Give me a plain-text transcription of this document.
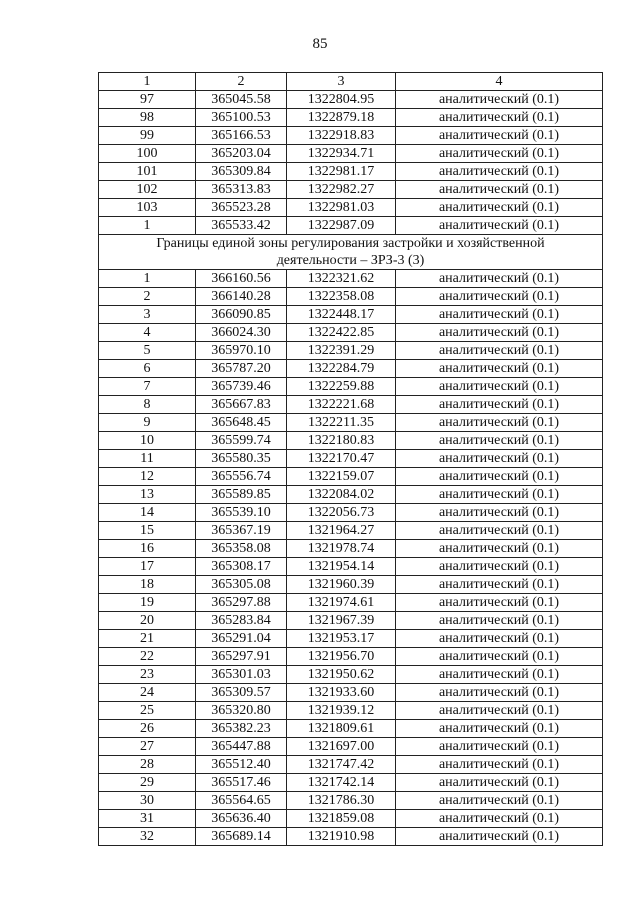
85
1	2	3	4
97	365045.58	1322804.95	аналитический (0.1)
98	365100.53	1322879.18	аналитический (0.1)
99	365166.53	1322918.83	аналитический (0.1)
100	365203.04	1322934.71	аналитический (0.1)
101	365309.84	1322981.17	аналитический (0.1)
102	365313.83	1322982.27	аналитический (0.1)
103	365523.28	1322981.03	аналитический (0.1)
1	365533.42	1322987.09	аналитический (0.1)
Границы единой зоны регулирования застройки и хозяйственной деятельности – ЗРЗ-3 (3)			
1	366160.56	1322321.62	аналитический (0.1)
2	366140.28	1322358.08	аналитический (0.1)
3	366090.85	1322448.17	аналитический (0.1)
4	366024.30	1322422.85	аналитический (0.1)
5	365970.10	1322391.29	аналитический (0.1)
6	365787.20	1322284.79	аналитический (0.1)
7	365739.46	1322259.88	аналитический (0.1)
8	365667.83	1322221.68	аналитический (0.1)
9	365648.45	1322211.35	аналитический (0.1)
10	365599.74	1322180.83	аналитический (0.1)
11	365580.35	1322170.47	аналитический (0.1)
12	365556.74	1322159.07	аналитический (0.1)
13	365589.85	1322084.02	аналитический (0.1)
14	365539.10	1322056.73	аналитический (0.1)
15	365367.19	1321964.27	аналитический (0.1)
16	365358.08	1321978.74	аналитический (0.1)
17	365308.17	1321954.14	аналитический (0.1)
18	365305.08	1321960.39	аналитический (0.1)
19	365297.88	1321974.61	аналитический (0.1)
20	365283.84	1321967.39	аналитический (0.1)
21	365291.04	1321953.17	аналитический (0.1)
22	365297.91	1321956.70	аналитический (0.1)
23	365301.03	1321950.62	аналитический (0.1)
24	365309.57	1321933.60	аналитический (0.1)
25	365320.80	1321939.12	аналитический (0.1)
26	365382.23	1321809.61	аналитический (0.1)
27	365447.88	1321697.00	аналитический (0.1)
28	365512.40	1321747.42	аналитический (0.1)
29	365517.46	1321742.14	аналитический (0.1)
30	365564.65	1321786.30	аналитический (0.1)
31	365636.40	1321859.08	аналитический (0.1)
32	365689.14	1321910.98	аналитический (0.1)
